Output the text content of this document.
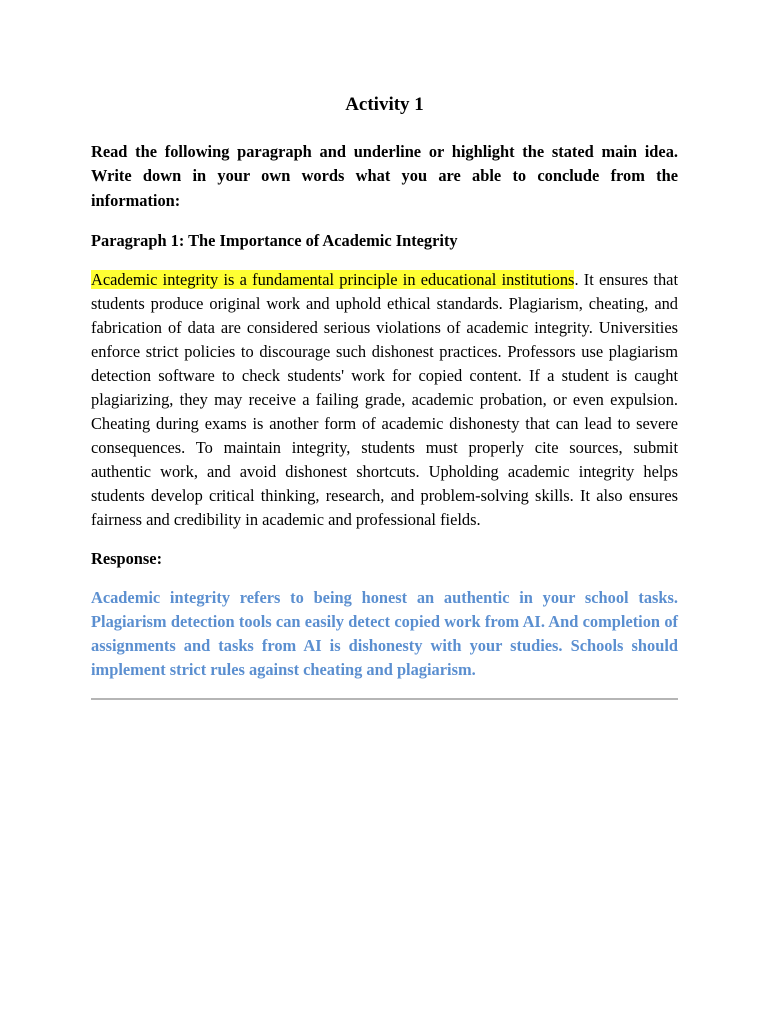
Activity 1

Read the following paragraph and underline or highlight the stated main idea. Write down in your own words what you are able to conclude from the information:

Paragraph 1: The Importance of Academic Integrity

Academic integrity is a fundamental principle in educational institutions. It ensures that students produce original work and uphold ethical standards. Plagiarism, cheating, and fabrication of data are considered serious violations of academic integrity. Universities enforce strict policies to discourage such dishonest practices. Professors use plagiarism detection software to check students' work for copied content. If a student is caught plagiarizing, they may receive a failing grade, academic probation, or even expulsion. Cheating during exams is another form of academic dishonesty that can lead to severe consequences. To maintain integrity, students must properly cite sources, submit authentic work, and avoid dishonest shortcuts. Upholding academic integrity helps students develop critical thinking, research, and problem-solving skills. It also ensures fairness and credibility in academic and professional fields.

Response:

Academic integrity refers to being honest an authentic in your school tasks. Plagiarism detection tools can easily detect copied work from AI. And completion of assignments and tasks from AI is dishonesty with your studies. Schools should implement strict rules against cheating and plagiarism.
